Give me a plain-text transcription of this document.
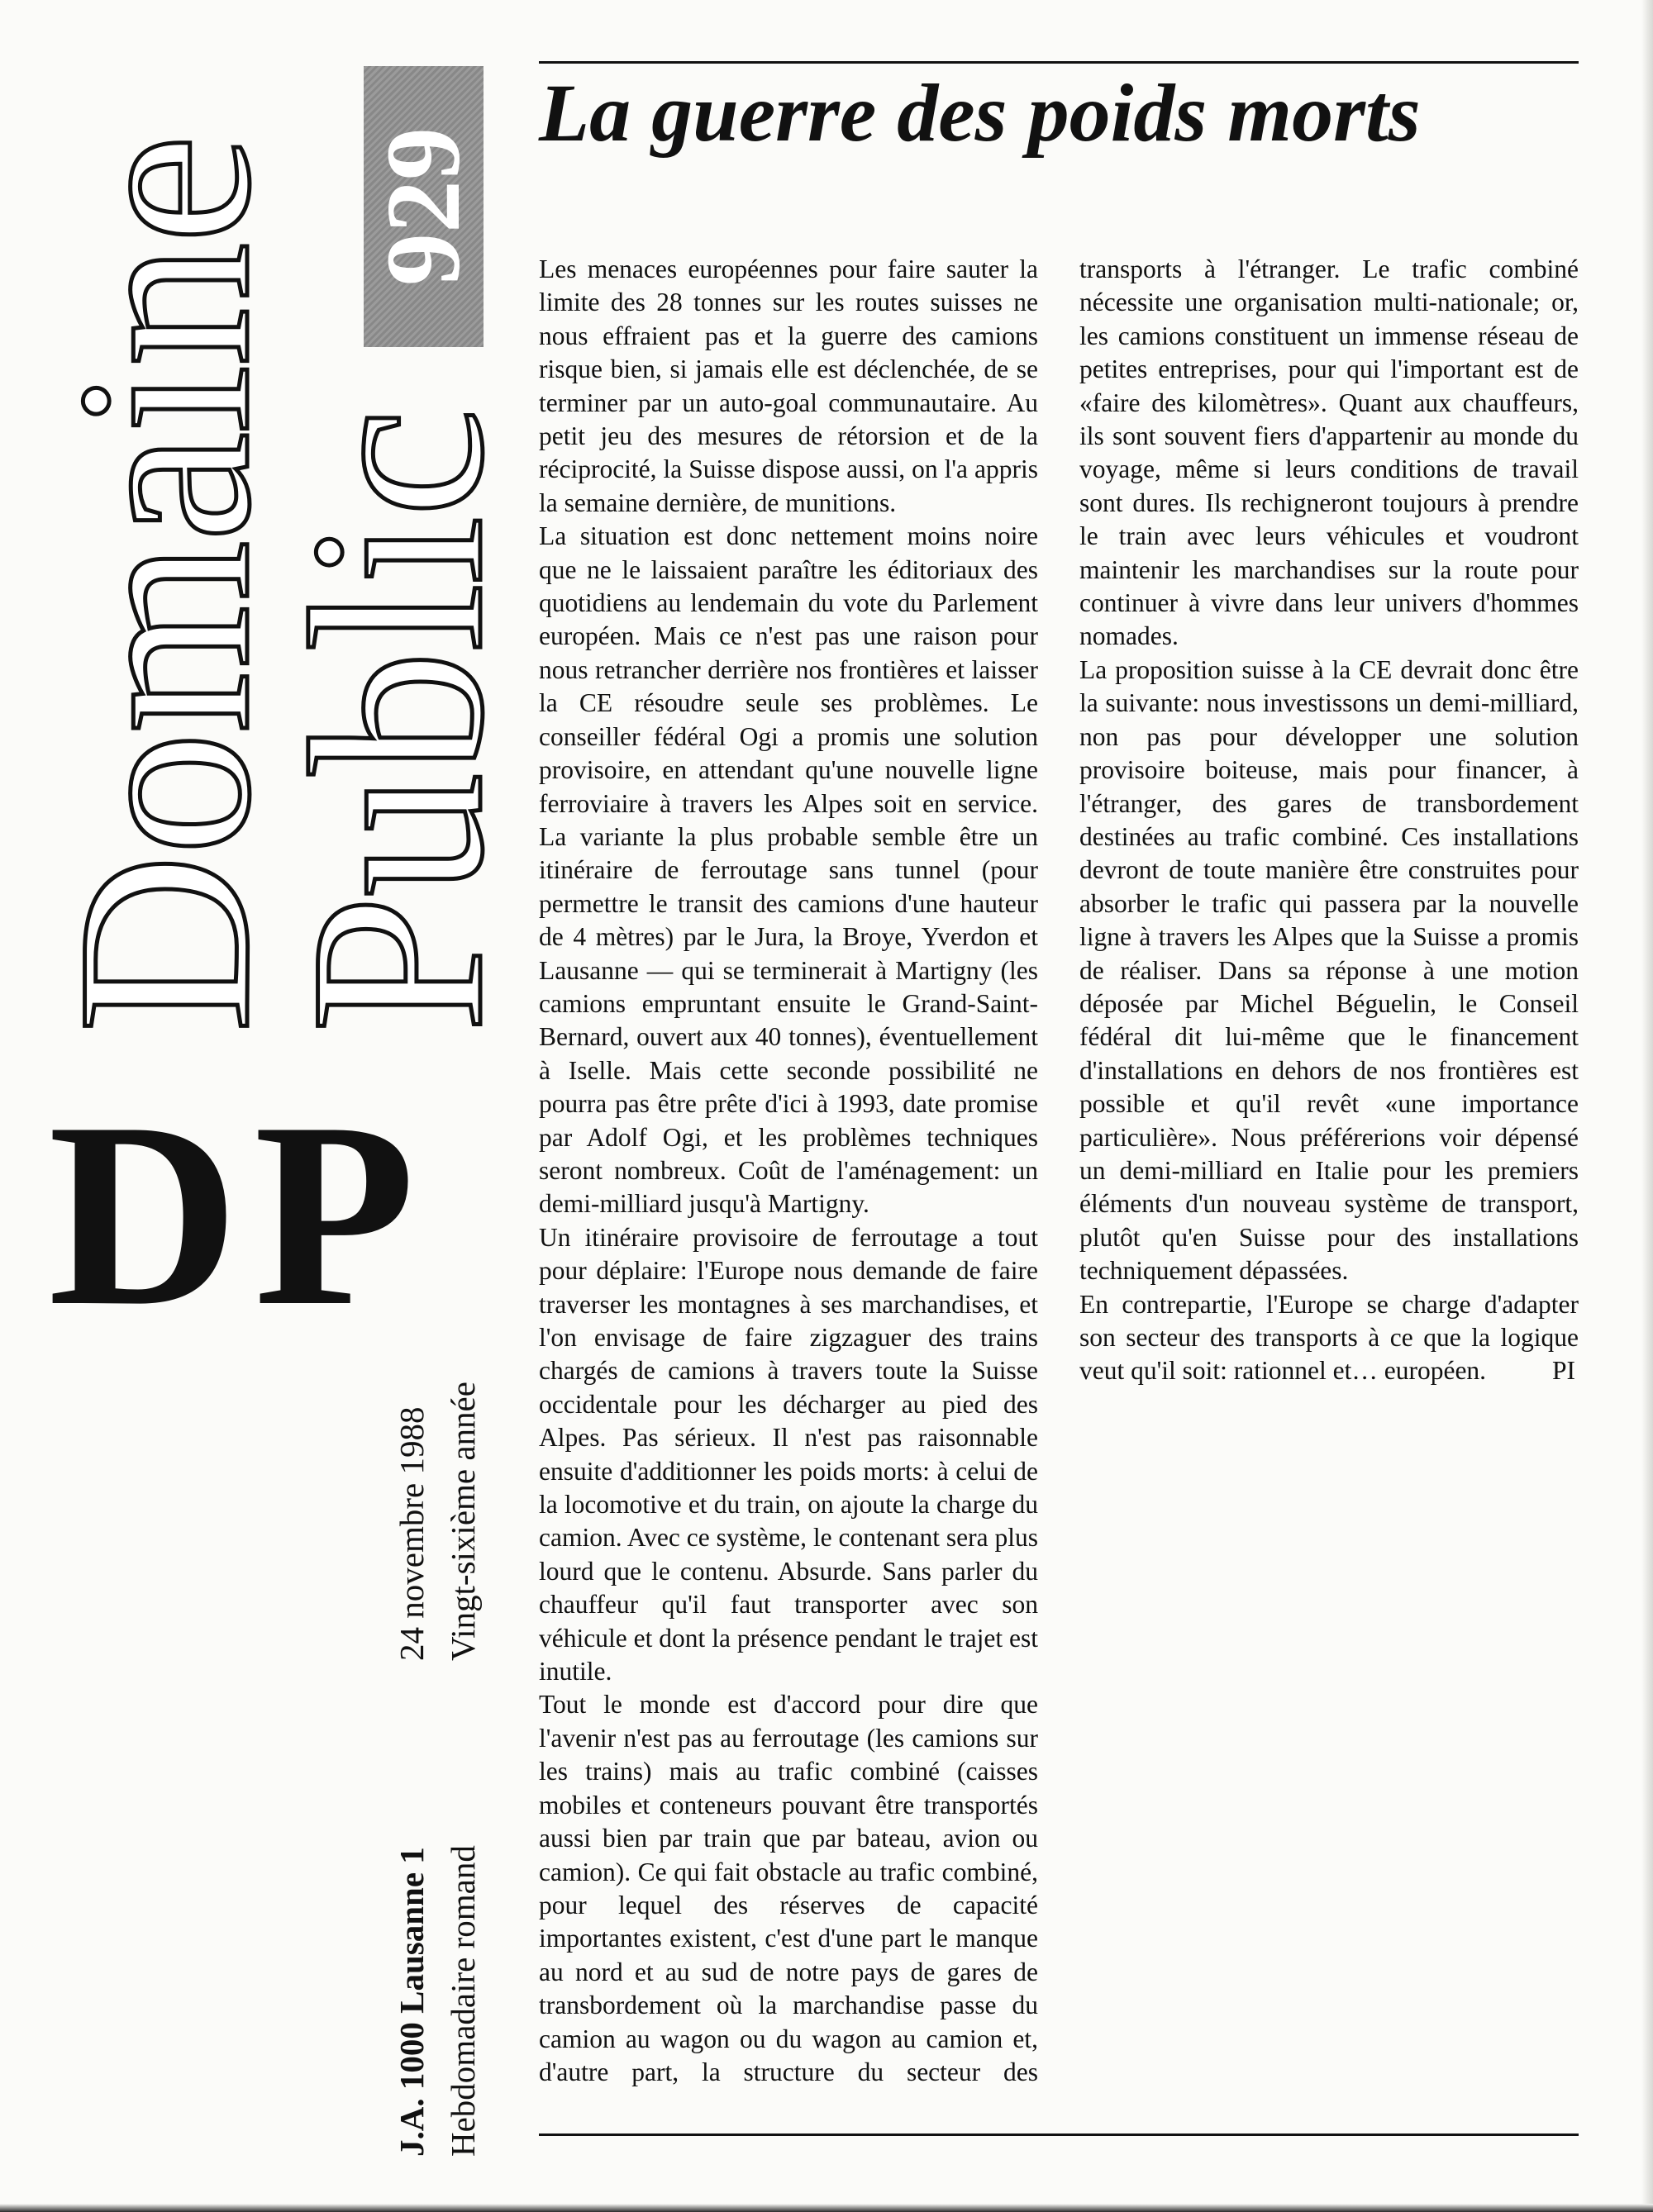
Domaine
Public
929
DP
J.A. 1000 Lausanne 1 Hebdomadaire romand
24 novembre 1988 Vingt-sixième année
La guerre des poids morts

Les menaces européennes pour faire sauter la limite des 28 tonnes sur les routes suisses ne nous effraient pas et la guerre des camions risque bien, si jamais elle est déclenchée, de se terminer par un auto-goal communautaire. Au petit jeu des mesures de rétorsion et de la réciprocité, la Suisse dispose aussi, on l'a appris la semaine dernière, de munitions.

La situation est donc nettement moins noire que ne le laissaient paraître les éditoriaux des quotidiens au lendemain du vote du Parlement européen. Mais ce n'est pas une raison pour nous retrancher derrière nos frontières et laisser la CE résoudre seule ses problèmes. Le conseiller fédéral Ogi a promis une solution provisoire, en attendant qu'une nouvelle ligne ferroviaire à travers les Alpes soit en service. La variante la plus probable semble être un itinéraire de ferroutage sans tunnel (pour permettre le transit des camions d'une hauteur de 4 mètres) par le Jura, la Broye, Yverdon et Lausanne — qui se terminerait à Martigny (les camions empruntant ensuite le Grand-Saint-Bernard, ouvert aux 40 tonnes), éventuellement à Iselle. Mais cette seconde possibilité ne pourra pas être prête d'ici à 1993, date promise par Adolf Ogi, et les problèmes techniques seront nombreux. Coût de l'aménagement: un demi-milliard jusqu'à Martigny.

Un itinéraire provisoire de ferroutage a tout pour déplaire: l'Europe nous demande de faire traverser les montagnes à ses marchandises, et l'on envisage de faire zigzaguer des trains chargés de camions à travers toute la Suisse occidentale pour les décharger au pied des Alpes. Pas sérieux. Il n'est pas raisonnable ensuite d'additionner les poids morts: à celui de la locomotive et du train, on ajoute la charge du camion. Avec ce système, le contenant sera plus lourd que le contenu. Absurde. Sans parler du chauffeur qu'il faut transporter avec son véhicule et dont la présence pendant le trajet est inutile.

Tout le monde est d'accord pour dire que l'avenir n'est pas au ferroutage (les camions sur les trains) mais au trafic combiné (caisses mobiles et conteneurs pouvant être transportés aussi bien par train que par bateau, avion ou camion). Ce qui fait obstacle au trafic combiné, pour lequel des réserves de capacité importantes existent, c'est d'une part le manque au nord et au sud de notre pays de gares de transbordement où la marchandise passe du camion au wagon ou du wagon au camion et, d'autre part, la structure du secteur des transports à l'étranger. Le trafic combiné nécessite une organisation multi-nationale; or, les camions constituent un immense réseau de petites entreprises, pour qui l'important est de «faire des kilomètres». Quant aux chauffeurs, ils sont souvent fiers d'appartenir au monde du voyage, même si leurs conditions de travail sont dures. Ils rechigneront toujours à prendre le train avec leurs véhicules et voudront maintenir les marchandises sur la route pour continuer à vivre dans leur univers d'hommes nomades.

La proposition suisse à la CE devrait donc être la suivante: nous investissons un demi-milliard, non pas pour développer une solution provisoire boiteuse, mais pour financer, à l'étranger, des gares de transbordement destinées au trafic combiné. Ces installations devront de toute manière être construites pour absorber le trafic qui passera par la nouvelle ligne à travers les Alpes que la Suisse a promis de réaliser. Dans sa réponse à une motion déposée par Michel Béguelin, le Conseil fédéral dit lui-même que le financement d'installations en dehors de nos frontières est possible et qu'il revêt «une importance particulière». Nous préférerions voir dépensé un demi-milliard en Italie pour les premiers éléments d'un nouveau système de transport, plutôt qu'en Suisse pour des installations techniquement dépassées.

En contrepartie, l'Europe se charge d'adapter son secteur des transports à ce que la logique veut qu'il soit: rationnel et… européen.	PI
